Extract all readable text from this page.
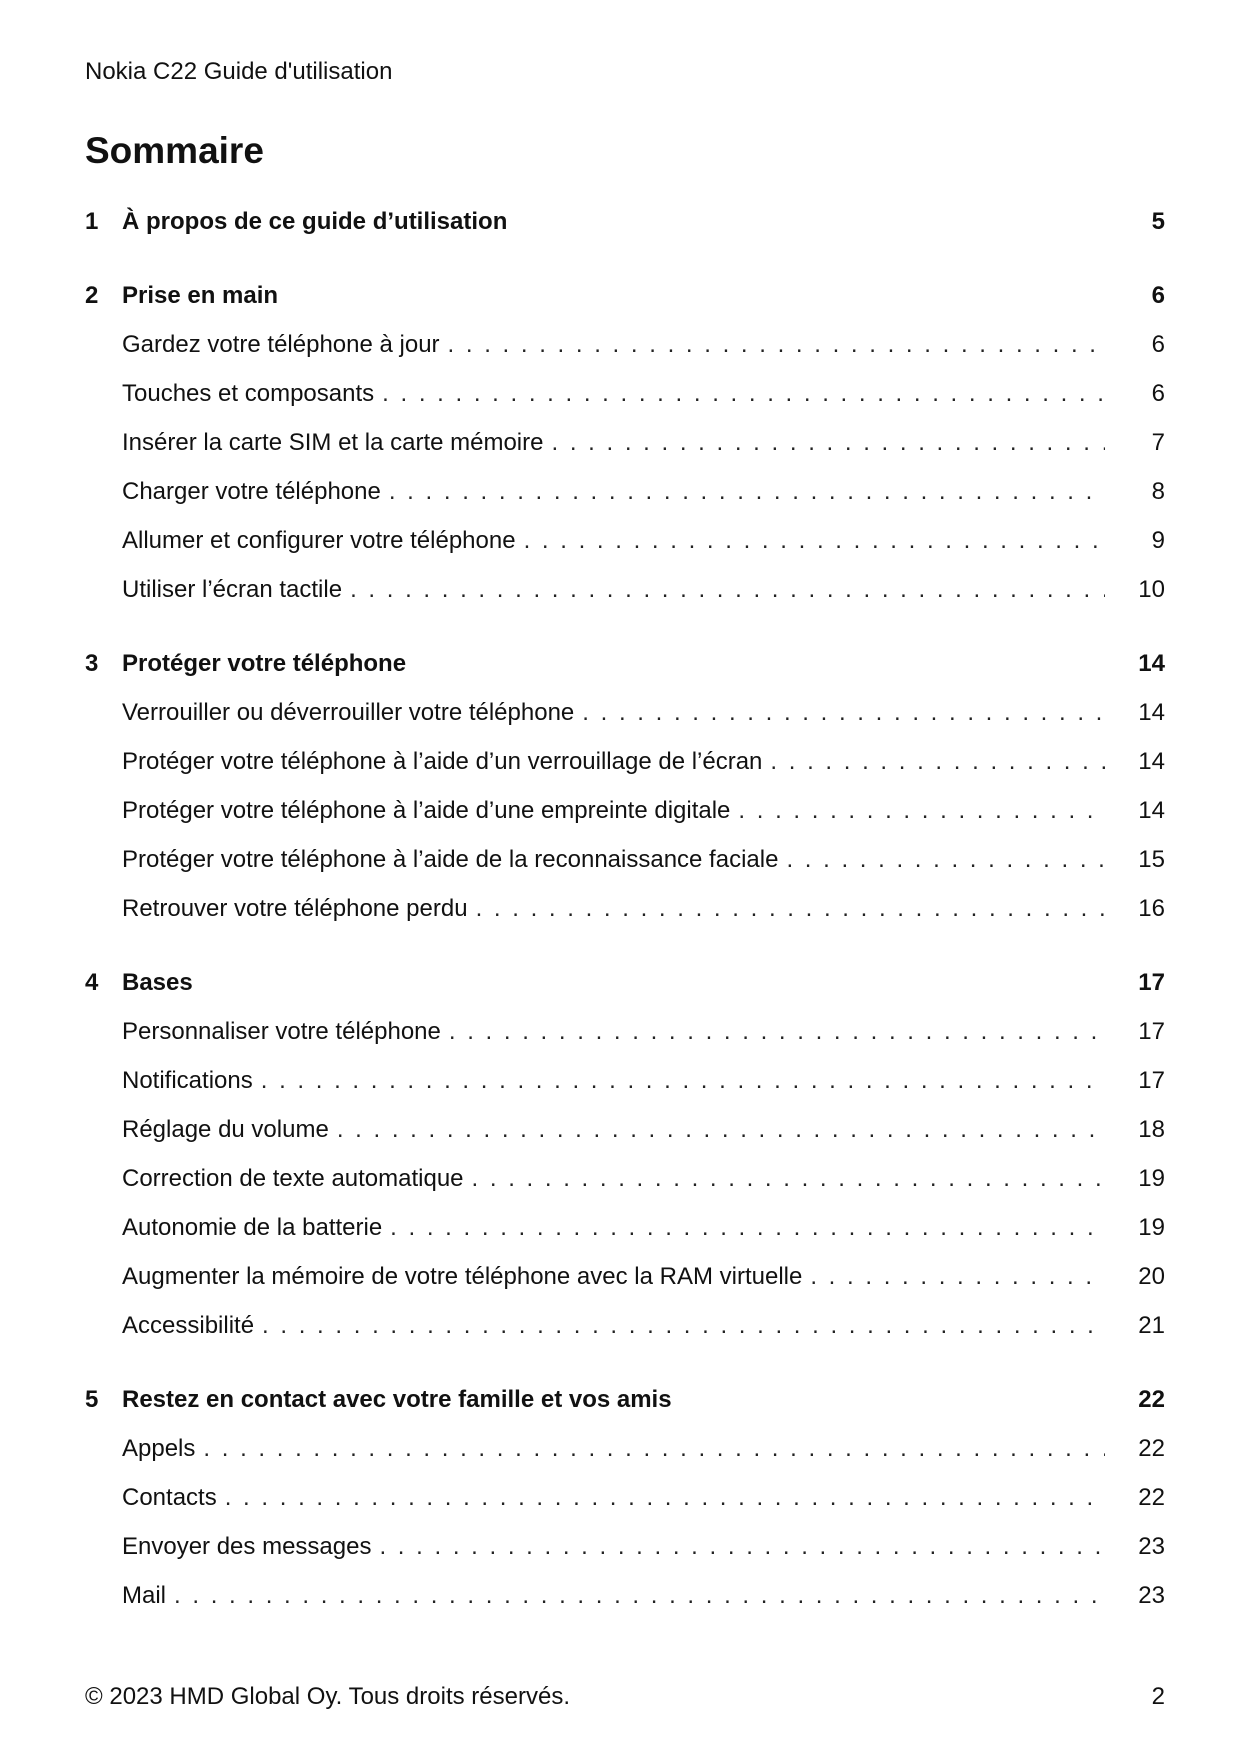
Nokia C22 Guide d'utilisation
Sommaire
1 À propos de ce guide d’utilisation	5
2 Prise en main	6
Gardez votre téléphone à jour . . .	6
Touches et composants . . .	6
Insérer la carte SIM et la carte mémoire . . .	7
Charger votre téléphone . . .	8
Allumer et configurer votre téléphone . . .	9
Utiliser l’écran tactile . . .	10
3 Protéger votre téléphone	14
Verrouiller ou déverrouiller votre téléphone . . .	14
Protéger votre téléphone à l’aide d’un verrouillage de l’écran . . .	14
Protéger votre téléphone à l’aide d’une empreinte digitale . . .	14
Protéger votre téléphone à l’aide de la reconnaissance faciale . . .	15
Retrouver votre téléphone perdu . . .	16
4 Bases	17
Personnaliser votre téléphone . . .	17
Notifications . . .	17
Réglage du volume . . .	18
Correction de texte automatique . . .	19
Autonomie de la batterie . . .	19
Augmenter la mémoire de votre téléphone avec la RAM virtuelle . . .	20
Accessibilité . . .	21
5 Restez en contact avec votre famille et vos amis	22
Appels . . .	22
Contacts . . .	22
Envoyer des messages . . .	23
Mail . . .	23
© 2023 HMD Global Oy. Tous droits réservés.	2
